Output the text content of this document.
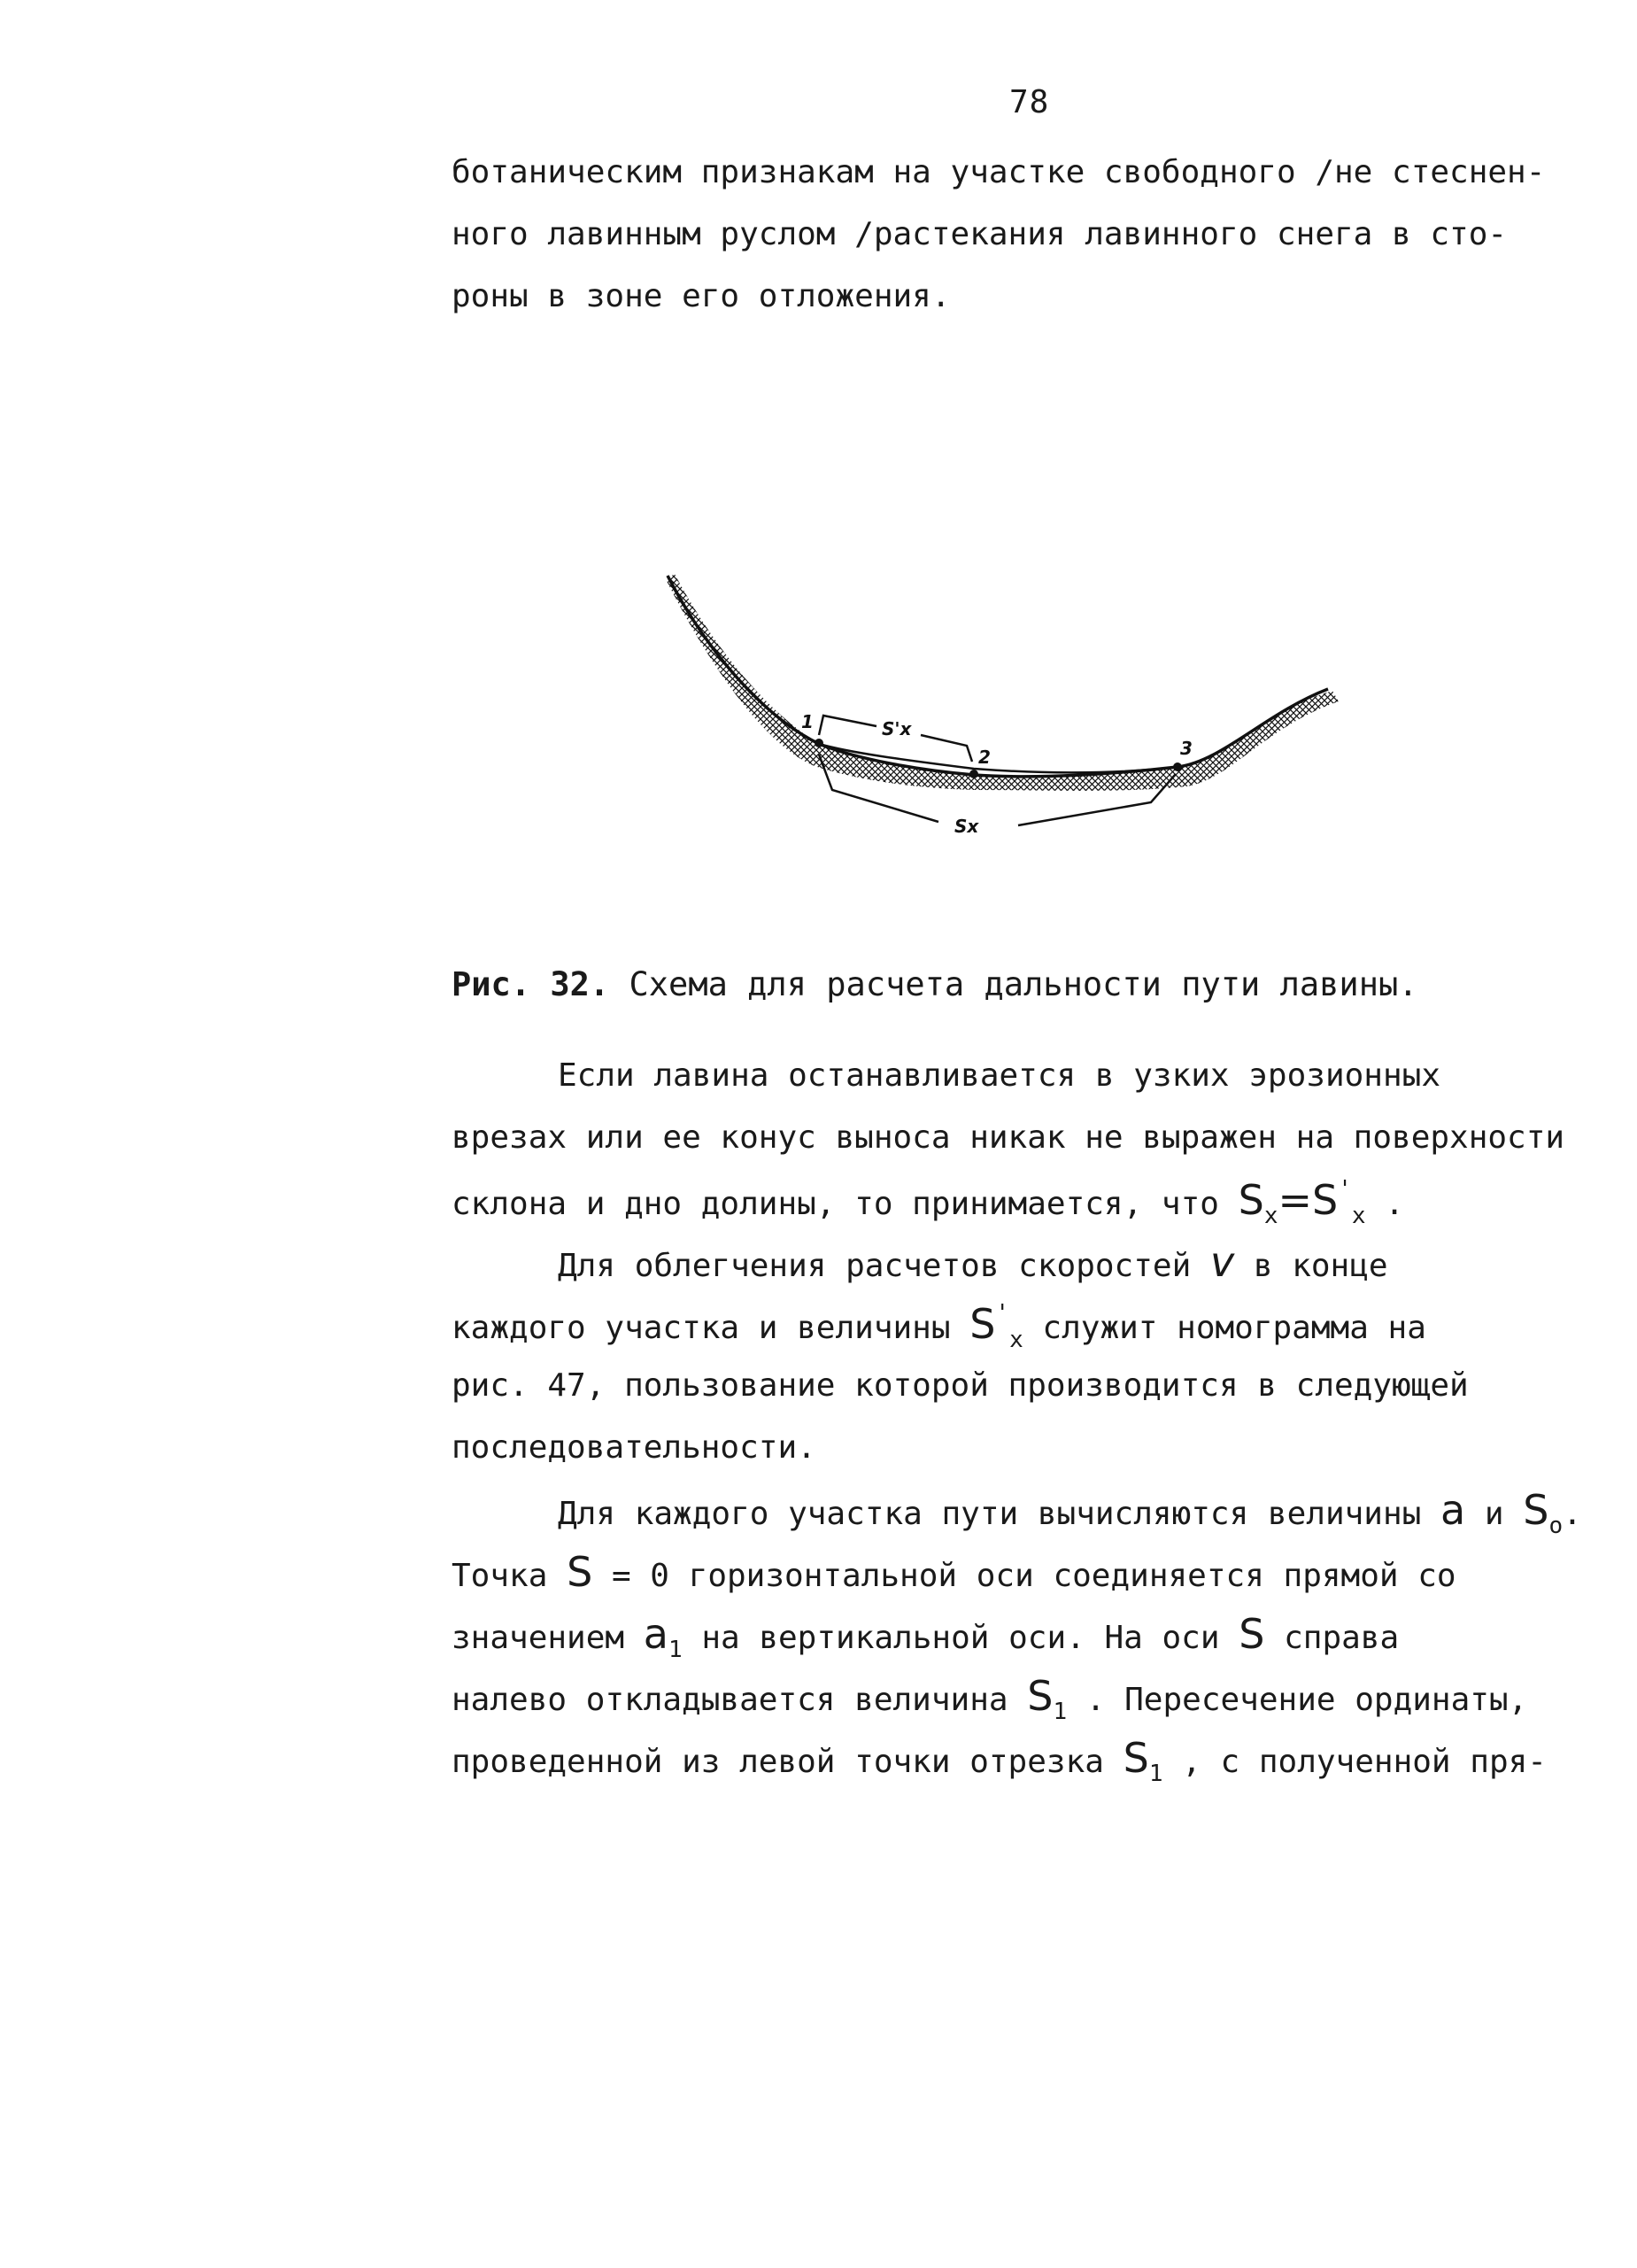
78
ботаническим признакам на участке свободного /не стеснен-
ного лавинным руслом /растекания лавинного снега в сто-
роны в зоне его отложения.
1
2	3
S'x
Sx
Рис. 32. Схема для расчета дальности пути лавины.
Если лавина останавливается в узких эрозионных
врезах или ее конус выноса никак не выражен на поверхности
склона и дно долины, то принимается, что $S_x=S'_x$ .
Для облегчения расчетов скоростей v в конце
каждого участка и величины $S'_x$ служит номограмма на
рис. 47, пользование которой производится в следующей
последовательности.
Для каждого участка пути вычисляются величины a и $S_o$.
Точка S = 0 горизонтальной оси соединяется прямой со
значением $a_1$ на вертикальной оси. На оси S справа
налево откладывается величина $S_1$ . Пересечение ординаты,
проведенной из левой точки отрезка $S_1$ , с полученной пря-
